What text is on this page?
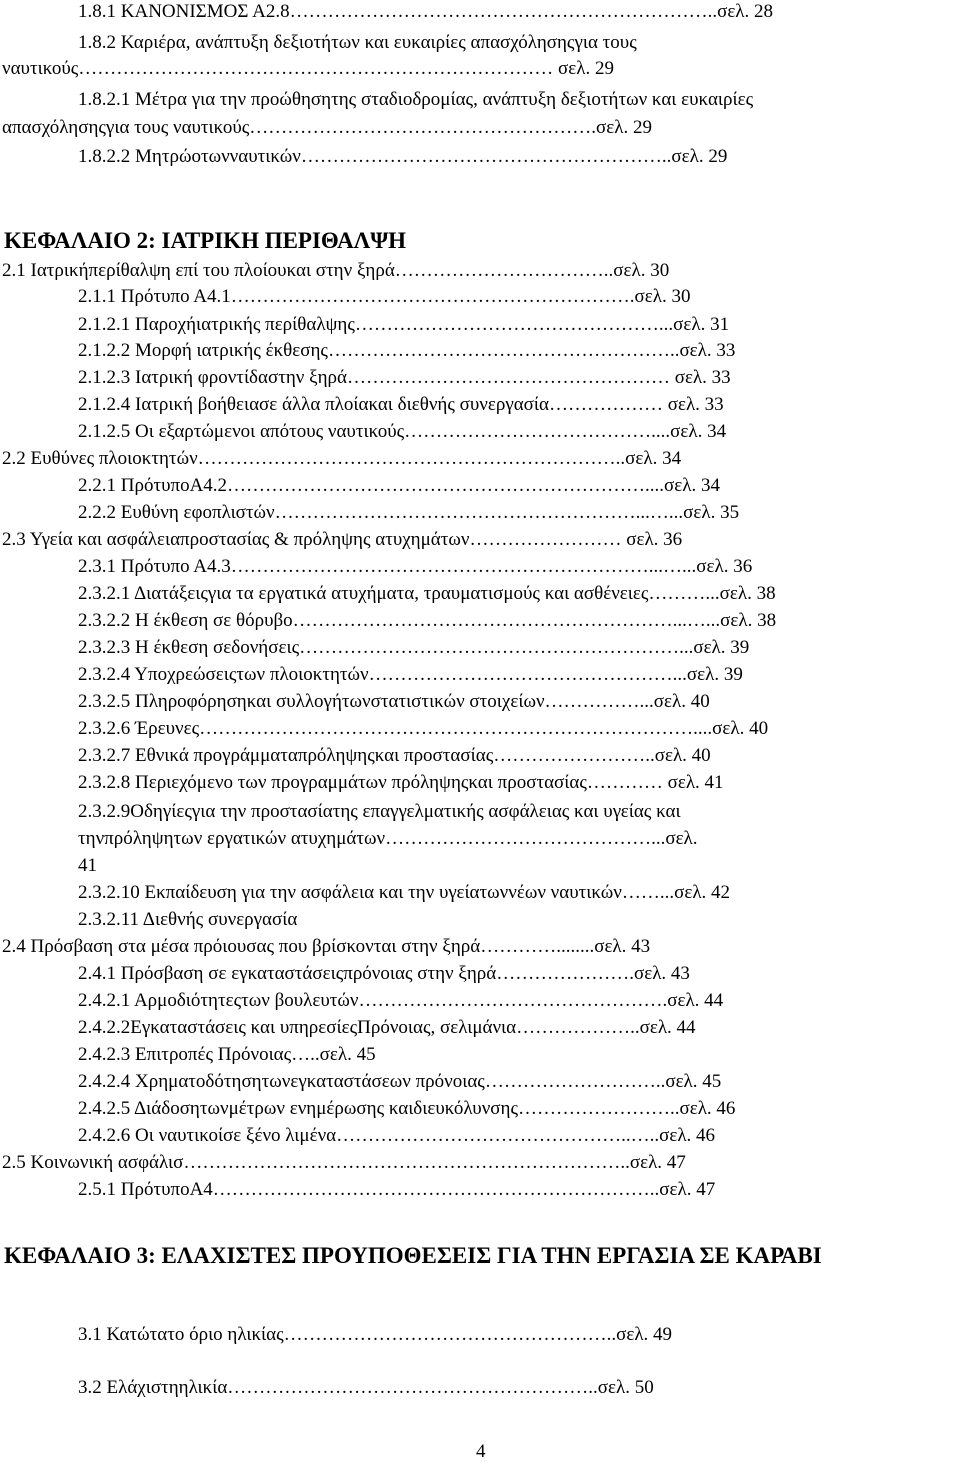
1.8.1 ΚΑΝΟΝΙΣΜΟΣ Α2.8…………………………………………………………..σελ. 28
1.8.2 Καριέρα, ανάπτυξη δεξιοτήτων και ευκαιρίες απασχόλησηςγια τους
ναυτικούς………………………………………………………………… σελ. 29
1.8.2.1 Μέτρα για την προώθησητης σταδιοδρομίας, ανάπτυξη δεξιοτήτων και ευκαιρίες
απασχόλησηςγια τους ναυτικούς……………………………………………….σελ. 29
1.8.2.2 Μητρώοτωνναυτικών…………………………………………………..σελ. 29
ΚΕΦΑΛΑΙΟ 2: ΙΑΤΡΙΚΗ ΠΕΡΙΘΑΛΨΗ
2.1 Ιατρικήπερίθαλψη επί του πλοίουκαι στην ξηρά……………………………..σελ. 30
2.1.1 Πρότυπο Α4.1……………………………………………………….σελ. 30
2.1.2.1 Παροχήιατρικής περίθαλψης…………………………………………...σελ. 31
2.1.2.2 Μορφή ιατρικής έκθεσης………………………………………………..σελ. 33
2.1.2.3 Ιατρική φροντίδαστην ξηρά…………………………………………… σελ. 33
2.1.2.4 Ιατρική βοήθειασε άλλα πλοίακαι διεθνής συνεργασία……………… σελ. 33
2.1.2.5 Οι εξαρτώμενοι απότους ναυτικούς…………………………………....σελ. 34
2.2 Ευθύνες πλοιοκτητών…………………………………………………………..σελ. 34
2.2.1 ΠρότυποΑ4.2…………………………………………………………....σελ. 34
2.2.2 Ευθύνη εφοπλιστών…………………………………………………...…...σελ. 35
2.3 Υγεία και ασφάλειαπροστασίας & πρόληψης ατυχημάτων…………………… σελ. 36
2.3.1 Πρότυπο Α4.3…………………………………………………………...…...σελ. 36
2.3.2.1 Διατάξειςγια τα εργατικά ατυχήματα, τραυματισμούς και ασθένειες………...σελ. 38
2.3.2.2 Η έκθεση σε θόρυβο……………………………………………………...…...σελ. 38
2.3.2.3 Η έκθεση σεδονήσεις……………………………………………………...σελ. 39
2.3.2.4 Υποχρεώσειςτων πλοιοκτητών…………………………………………...σελ. 39
2.3.2.5 Πληροφόρησηκαι συλλογήτωνστατιστικών στοιχείων……………...σελ. 40
2.3.2.6 Έρευνες……………………………………………………………………....σελ. 40
2.3.2.7 Εθνικά προγράμματαπρόληψηςκαι προστασίας……………………..σελ. 40
2.3.2.8 Περιεχόμενο των προγραμμάτων πρόληψηςκαι προστασίας………… σελ. 41
2.3.2.9Οδηγίεςγια την προστασίατης επαγγελματικής ασφάλειας και υγείας και
τηνπρόληψητων εργατικών ατυχημάτων……………………………………...σελ.
41
2.3.2.10 Εκπαίδευση για την ασφάλεια και την υγείατωννέων ναυτικών……...σελ. 42
2.3.2.11 Διεθνής συνεργασία
2.4 Πρόσβαση στα μέσα πρόιουσας που βρίσκονται στην ξηρά…………........σελ. 43
2.4.1 Πρόσβαση σε εγκαταστάσειςπρόνοιας στην ξηρά………………….σελ. 43
2.4.2.1 Αρμοδιότητεςτων βουλευτών………………………………………….σελ. 44
2.4.2.2Εγκαταστάσεις και υπηρεσίεςΠρόνοιας, σελιμάνια………………..σελ. 44
2.4.2.3 Επιτροπές Πρόνοιας…..σελ. 45
2.4.2.4 Χρηματοδότησητωνεγκαταστάσεων πρόνοιας………………………..σελ. 45
2.4.2.5 Διάδοσητωνμέτρων ενημέρωσης καιδιευκόλυνσης……………………..σελ. 46
2.4.2.6 Οι ναυτικοίσε ξένο λιμένα………………………………………..…..σελ. 46
2.5 Κοινωνική ασφάλισ……………………………………………………………..σελ. 47
2.5.1 ΠρότυποΑ4……………………………………………………………..σελ. 47
ΚΕΦΑΛΑΙΟ 3: ΕΛΑΧΙΣΤΕΣ ΠΡΟΥΠΟΘΕΣΕΙΣ ΓΙΑ ΤΗΝ ΕΡΓΑΣΙΑ ΣΕ ΚΑΡΑΒΙ
3.1 Κατώτατο όριο ηλικίας……………………………………………..σελ. 49
3.2 Ελάχιστηηλικία…………………………………………………..σελ. 50
4
